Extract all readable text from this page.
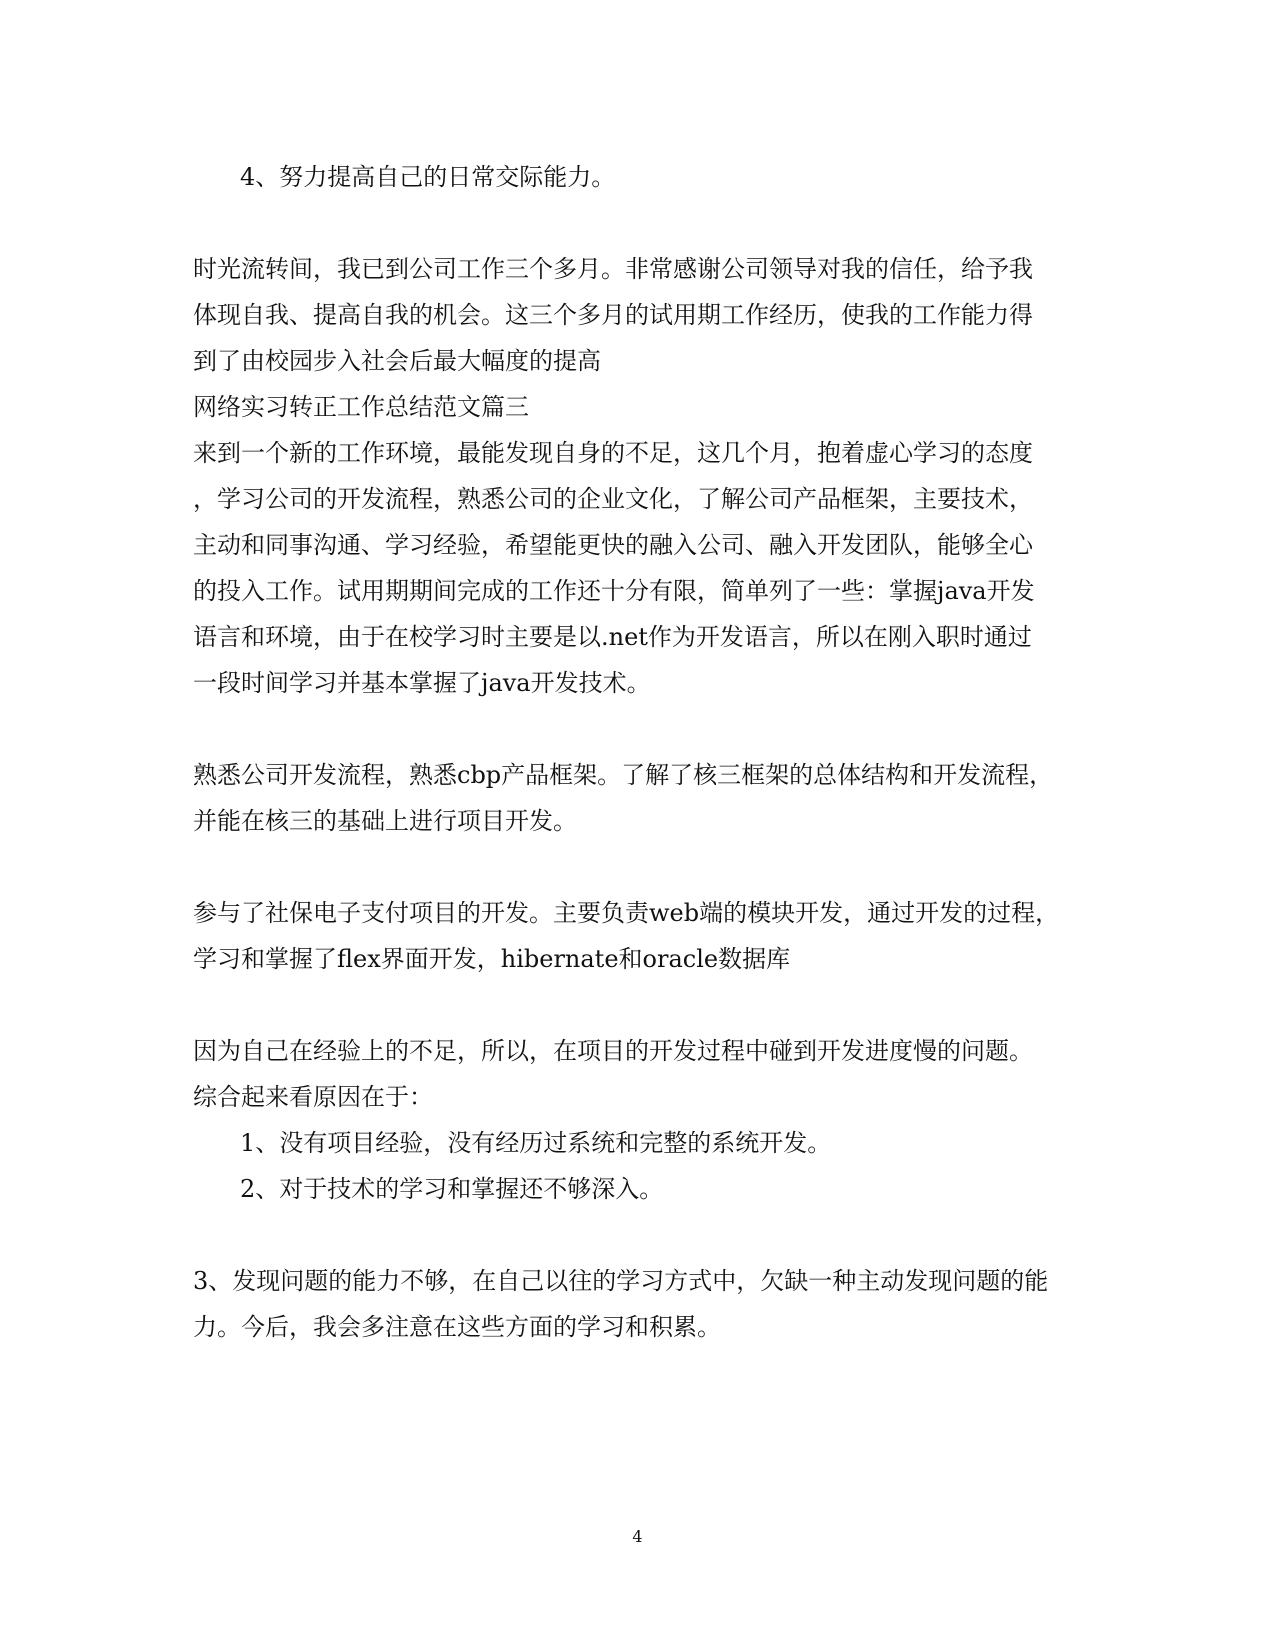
4、努力提高自己的日常交际能力。

时光流转间，我已到公司工作三个多月。非常感谢公司领导对我的信任，给予我

体现自我、提高自我的机会。这三个多月的试用期工作经历，使我的工作能力得

到了由校园步入社会后最大幅度的提高

网络实习转正工作总结范文篇三

来到一个新的工作环境，最能发现自身的不足，这几个月，抱着虚心学习的态度

，学习公司的开发流程，熟悉公司的企业文化，了解公司产品框架，主要技术，

主动和同事沟通、学习经验，希望能更快的融入公司、融入开发团队，能够全心

的投入工作。试用期期间完成的工作还十分有限，简单列了一些：掌握java开发

语言和环境，由于在校学习时主要是以.net作为开发语言，所以在刚入职时通过

一段时间学习并基本掌握了java开发技术。

熟悉公司开发流程，熟悉cbp产品框架。了解了核三框架的总体结构和开发流程，

并能在核三的基础上进行项目开发。

参与了社保电子支付项目的开发。主要负责web端的模块开发，通过开发的过程，

学习和掌握了flex界面开发，hibernate和oracle数据库

因为自己在经验上的不足，所以，在项目的开发过程中碰到开发进度慢的问题。

综合起来看原因在于：

1、没有项目经验，没有经历过系统和完整的系统开发。

2、对于技术的学习和掌握还不够深入。

3、发现问题的能力不够，在自己以往的学习方式中，欠缺一种主动发现问题的能

力。今后，我会多注意在这些方面的学习和积累。

4
